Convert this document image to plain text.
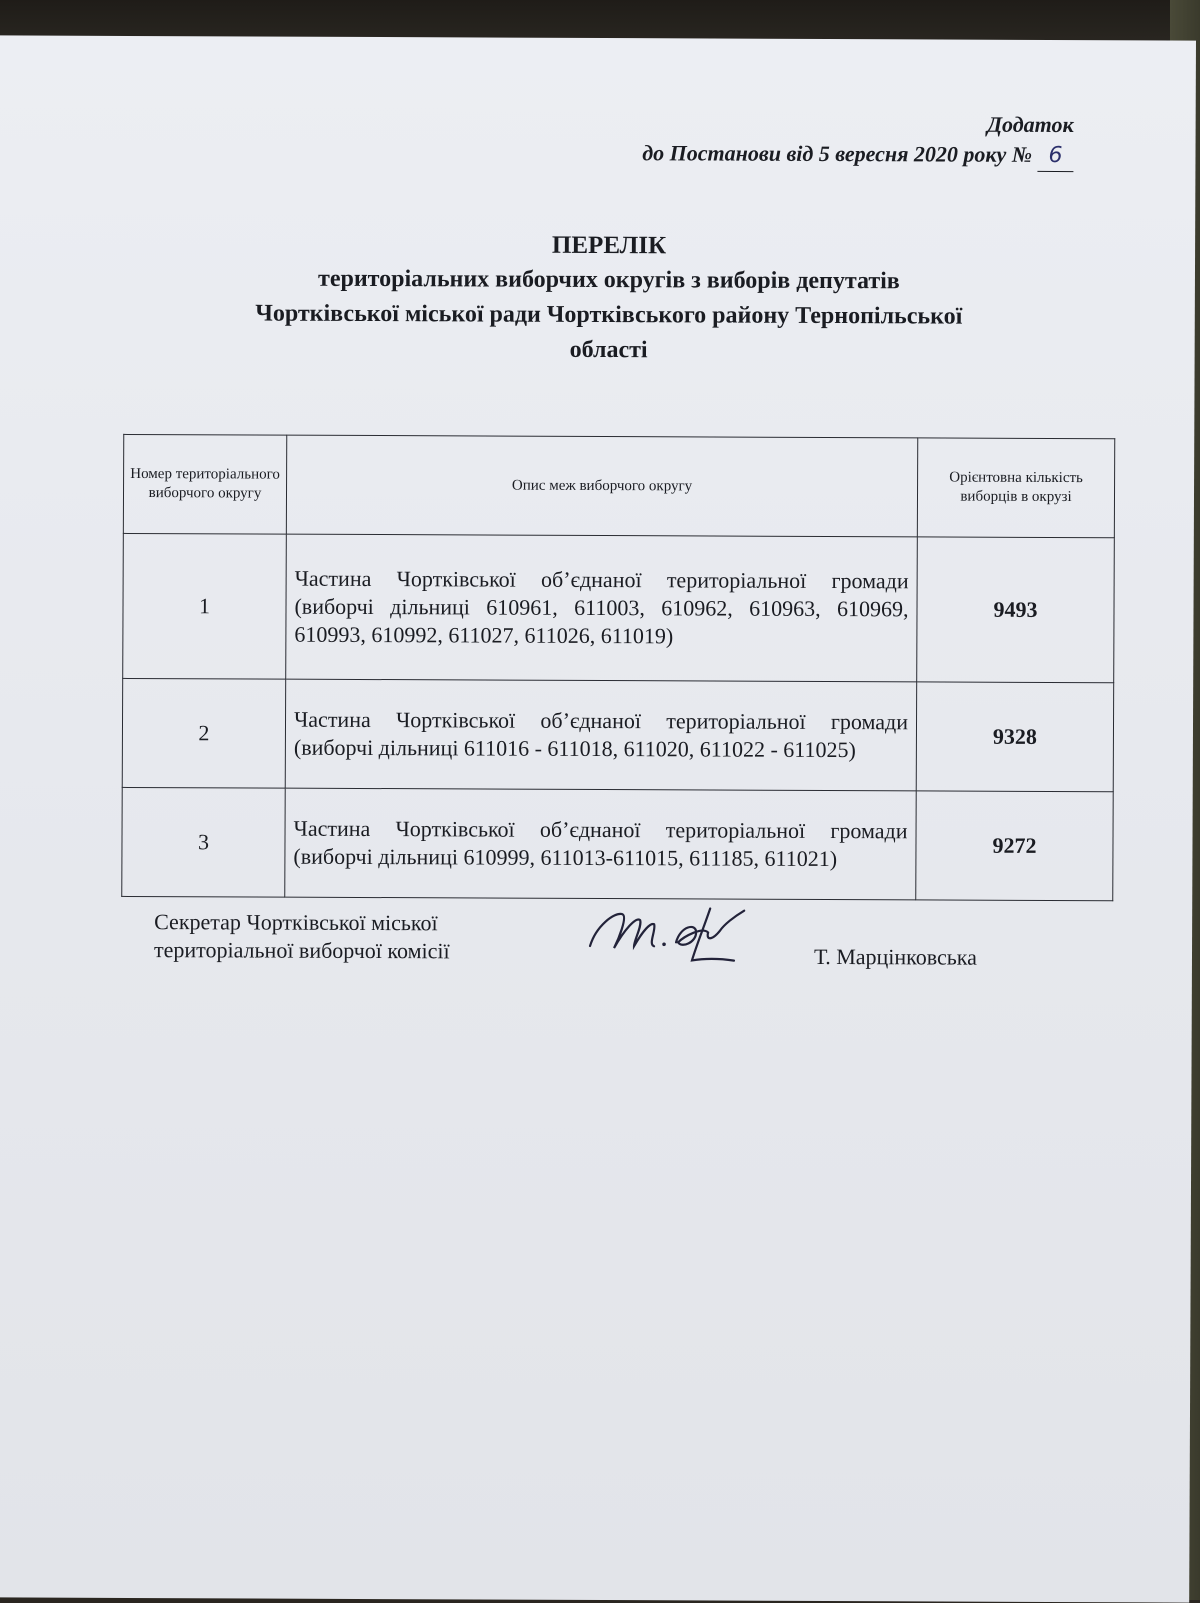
Додаток
до Постанови від 5 вересня 2020 року № 6
ПЕРЕЛІК
територіальних виборчих округів з виборів депутатів
Чортківської міської ради Чортківського району Тернопільської
області
Номер територіального виборчого округу	Опис меж виборчого округу	Орієнтовна кількість виборців в окрузі
1	Частина Чортківської об’єднаної територіальної громади (виборчі дільниці 610961, 611003, 610962, 610963, 610969, 610993, 610992, 611027, 611026, 611019)	9493
2	Частина Чортківської об’єднаної територіальної громади (виборчі дільниці 611016 - 611018, 611020, 611022 - 611025)	9328
3	Частина Чортківської об’єднаної територіальної громади (виборчі дільниці 610999, 611013-611015, 611185, 611021)	9272
Секретар Чортківської міської
територіальної виборчої комісії	Т. Марцінковська
